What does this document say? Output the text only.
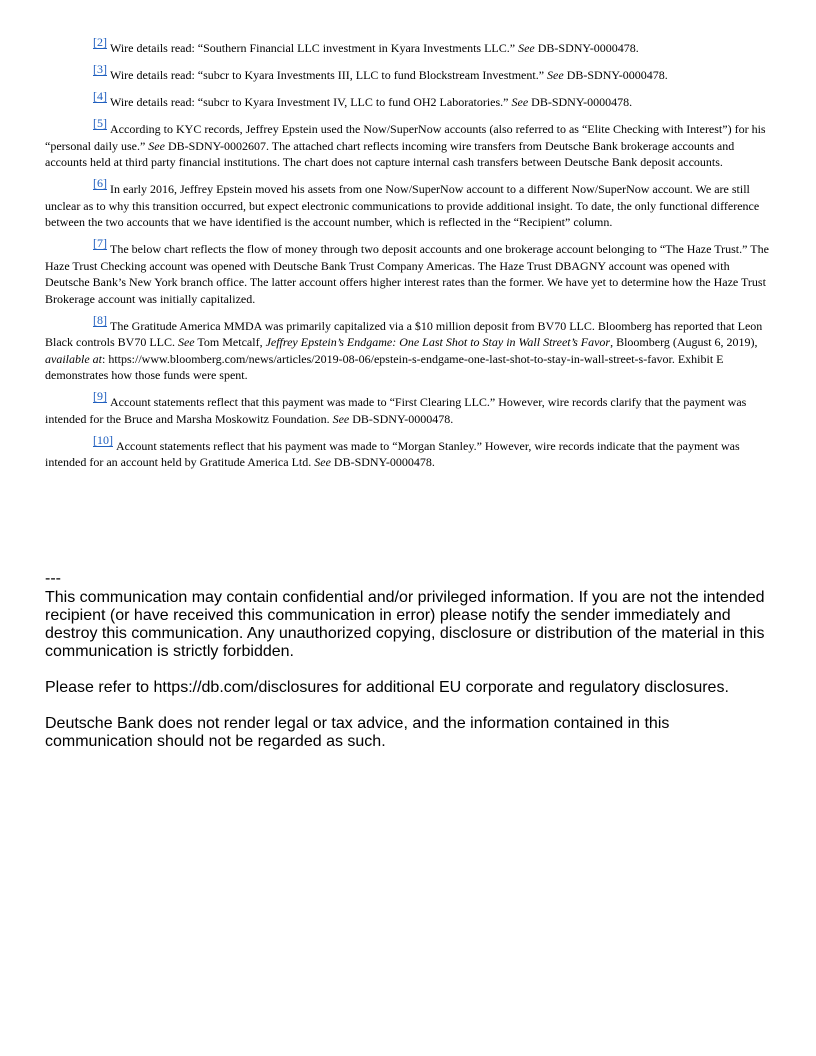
[2] Wire details read: “Southern Financial LLC investment in Kyara Investments LLC.” See DB-SDNY-0000478.

[3] Wire details read: “subcr to Kyara Investments III, LLC to fund Blockstream Investment.” See DB-SDNY-0000478.

[4] Wire details read: “subcr to Kyara Investment IV, LLC to fund OH2 Laboratories.” See DB-SDNY-0000478.

[5] According to KYC records, Jeffrey Epstein used the Now/SuperNow accounts (also referred to as “Elite Checking with Interest”) for his “personal daily use.” See DB-SDNY-0002607. The attached chart reflects incoming wire transfers from Deutsche Bank brokerage accounts and accounts held at third party financial institutions. The chart does not capture internal cash transfers between Deutsche Bank deposit accounts.

[6] In early 2016, Jeffrey Epstein moved his assets from one Now/SuperNow account to a different Now/SuperNow account. We are still unclear as to why this transition occurred, but expect electronic communications to provide additional insight. To date, the only functional difference between the two accounts that we have identified is the account number, which is reflected in the “Recipient” column.

[7] The below chart reflects the flow of money through two deposit accounts and one brokerage account belonging to “The Haze Trust.” The Haze Trust Checking account was opened with Deutsche Bank Trust Company Americas. The Haze Trust DBAGNY account was opened with Deutsche Bank’s New York branch office. The latter account offers higher interest rates than the former. We have yet to determine how the Haze Trust Brokerage account was initially capitalized.

[8] The Gratitude America MMDA was primarily capitalized via a $10 million deposit from BV70 LLC. Bloomberg has reported that Leon Black controls BV70 LLC. See Tom Metcalf, Jeffrey Epstein’s Endgame: One Last Shot to Stay in Wall Street’s Favor, Bloomberg (August 6, 2019), available at: https://www.bloomberg.com/news/articles/2019-08-06/epstein-s-endgame-one-last-shot-to-stay-in-wall-street-s-favor. Exhibit E demonstrates how those funds were spent.

[9] Account statements reflect that this payment was made to “First Clearing LLC.” However, wire records clarify that the payment was intended for the Bruce and Marsha Moskowitz Foundation. See DB-SDNY-0000478.

[10] Account statements reflect that his payment was made to “Morgan Stanley.” However, wire records indicate that the payment was intended for an account held by Gratitude America Ltd. See DB-SDNY-0000478.

---

This communication may contain confidential and/or privileged information. If you are not the intended recipient (or have received this communication in error) please notify the sender immediately and destroy this communication. Any unauthorized copying, disclosure or distribution of the material in this communication is strictly forbidden.

Please refer to https://db.com/disclosures for additional EU corporate and regulatory disclosures.

Deutsche Bank does not render legal or tax advice, and the information contained in this communication should not be regarded as such.
